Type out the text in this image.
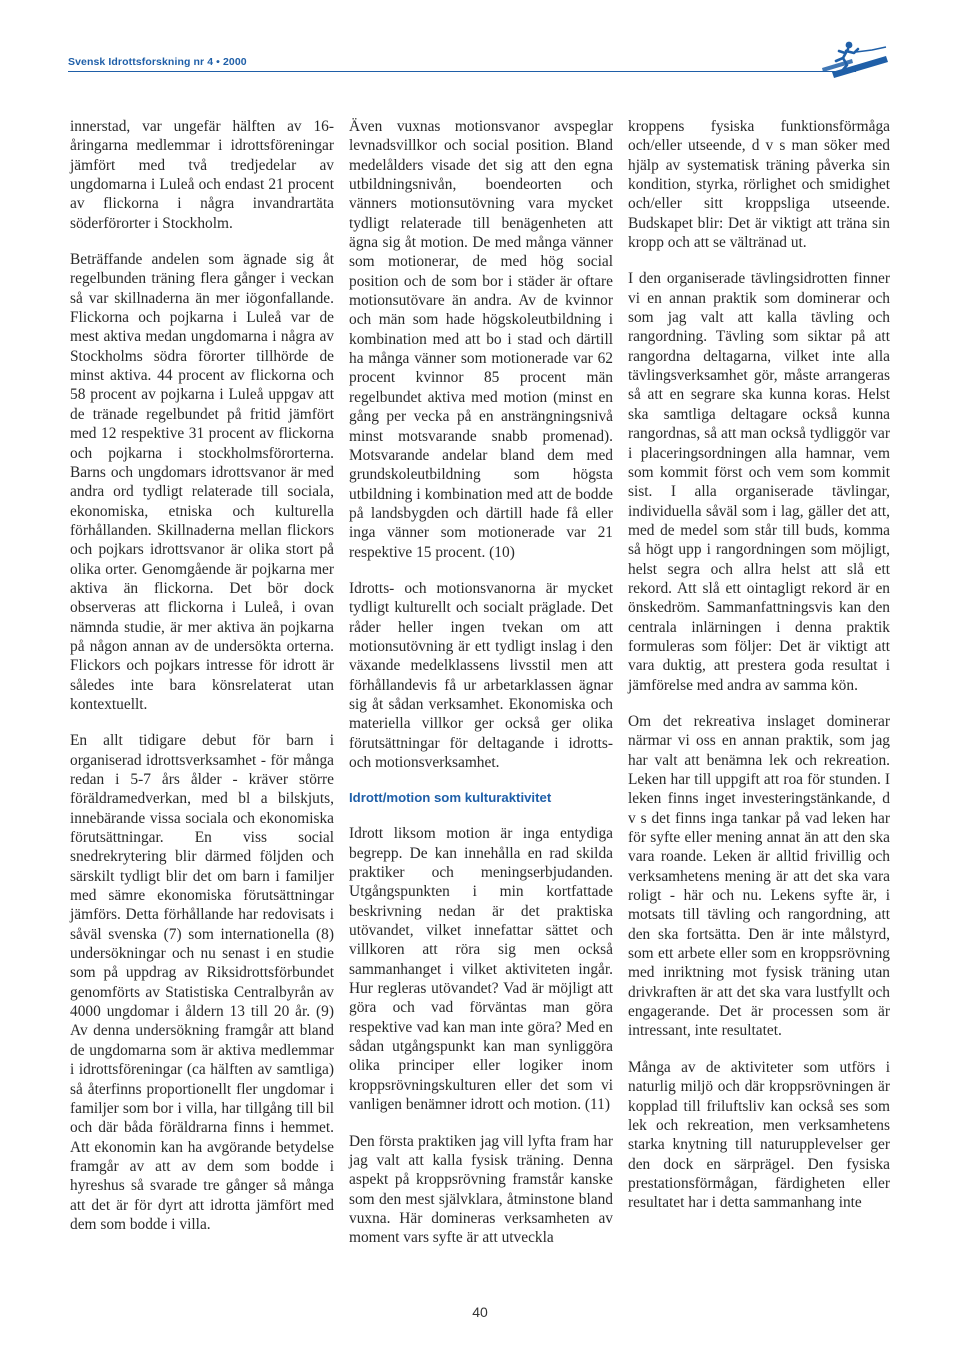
Svensk Idrottsforskning nr 4 • 2000

innerstad, var ungefär hälften av 16-åringarna medlemmar i idrottsföreningar jämfört med två tredjedelar av ungdomarna i Luleå och endast 21 procent av flickorna i några invandrartäta söderförorter i Stockholm.

Beträffande andelen som ägnade sig åt regelbunden träning flera gånger i veckan så var skillnaderna än mer iögonfallande. Flickorna och pojkarna i Luleå var de mest aktiva medan ungdomarna i några av Stockholms södra förorter tillhörde de minst aktiva. 44 procent av flickorna och 58 procent av pojkarna i Luleå uppgav att de tränade regelbundet på fritid jämfört med 12 respektive 31 procent av flickorna och pojkarna i stockholmsförorterna. Barns och ungdomars idrottsvanor är med andra ord tydligt relaterade till sociala, ekonomiska, etniska och kulturella förhållanden. Skillnaderna mellan flickors och pojkars idrottsvanor är olika stort på olika orter. Genomgående är pojkarna mer aktiva än flickorna. Det bör dock observeras att flickorna i Luleå, i ovan nämnda studie, är mer aktiva än pojkarna på någon annan av de undersökta orterna. Flickors och pojkars intresse för idrott är således inte bara könsrelaterat utan kontextuellt.

En allt tidigare debut för barn i organiserad idrottsverksamhet - för många redan i 5-7 års ålder - kräver större föräldramedverkan, med bl a bilskjuts, innebärande vissa sociala och ekonomiska förutsättningar. En viss social snedrekrytering blir därmed följden och särskilt tydligt blir det om barn i familjer med sämre ekonomiska förutsättningar jämförs. Detta förhållande har redovisats i såväl svenska (7) som internationella (8) undersökningar och nu senast i en studie som på uppdrag av Riksidrottsförbundet genomförts av Statistiska Centralbyrån av 4000 ungdomar i åldern 13 till 20 år. (9) Av denna undersökning framgår att bland de ungdomarna som är aktiva medlemmar i idrottsföreningar (ca hälften av samtliga) så återfinns proportionellt fler ungdomar i familjer som bor i villa, har tillgång till bil och där båda föräldrarna finns i hemmet. Att ekonomin kan ha avgörande betydelse framgår av att av dem som bodde i hyreshus så svarade tre gånger så många att det är för dyrt att idrotta jämfört med dem som bodde i villa.

Även vuxnas motionsvanor avspeglar levnadsvillkor och social position. Bland medelålders visade det sig att den egna utbildningsnivån, boendeorten och vänners motionsutövning vara mycket tydligt relaterade till benägenheten att ägna sig åt motion. De med många vänner som motionerar, de med hög social position och de som bor i städer är oftare motionsutövare än andra. Av de kvinnor och män som hade högskoleutbildning i kombination med att bo i stad och därtill ha många vänner som motionerade var 62 procent kvinnor 85 procent män regelbundet aktiva med motion (minst en gång per vecka på en ansträngningsnivå minst motsvarande snabb promenad). Motsvarande andelar bland dem med grundskoleutbildning som högsta utbildning i kombination med att de bodde på landsbygden och därtill hade få eller inga vänner som motionerade var 21 respektive 15 procent. (10)

Idrotts- och motionsvanorna är mycket tydligt kulturellt och socialt präglade. Det råder heller ingen tvekan om att motionsutövning är ett tydligt inslag i den växande medelklassens livsstil men att förhållandevis få ur arbetarklassen ägnar sig åt sådan verksamhet. Ekonomiska och materiella villkor ger också ger olika förutsättningar för deltagande i idrotts- och motionsverksamhet.

Idrott/motion som kulturaktivitet

Idrott liksom motion är inga entydiga begrepp. De kan innehålla en rad skilda praktiker och meningserbjudanden. Utgångspunkten i min kortfattade beskrivning nedan är det praktiska utövandet, vilket innefattar sättet och villkoren att röra sig men också sammanhanget i vilket aktiviteten ingår. Hur regleras utövandet? Vad är möjligt att göra och vad förväntas man göra respektive vad kan man inte göra? Med en sådan utgångspunkt kan man synliggöra olika principer eller logiker inom kroppsrövningskulturen eller det som vi vanligen benämner idrott och motion. (11)

Den första praktiken jag vill lyfta fram har jag valt att kalla fysisk träning. Denna aspekt på kroppsrövning framstår kanske som den mest självklara, åtminstone bland vuxna. Här domineras verksamheten av moment vars syfte är att utveckla

kroppens fysiska funktionsförmåga och/eller utseende, d v s man söker med hjälp av systematisk träning påverka sin kondition, styrka, rörlighet och smidighet och/eller sitt kroppsliga utseende. Budskapet blir: Det är viktigt att träna sin kropp och att se vältränad ut.

I den organiserade tävlingsidrotten finner vi en annan praktik som dominerar och som jag valt att kalla tävling och rangordning. Tävling som siktar på att rangordna deltagarna, vilket inte alla tävlingsverksamhet gör, måste arrangeras så att en segrare ska kunna koras. Helst ska samtliga deltagare också kunna rangordnas, så att man också tydliggör var i placeringsordningen alla hamnar, vem som kommit först och vem som kommit sist. I alla organiserade tävlingar, individuella såväl som i lag, gäller det att, med de medel som står till buds, komma så högt upp i rangordningen som möjligt, helst segra och allra helst att slå ett rekord. Att slå ett ointagligt rekord är en önskedröm. Sammanfattningsvis kan den centrala inlärningen i denna praktik formuleras som följer: Det är viktigt att vara duktig, att prestera goda resultat i jämförelse med andra av samma kön.

Om det rekreativa inslaget dominerar närmar vi oss en annan praktik, som jag har valt att benämna lek och rekreation. Leken har till uppgift att roa för stunden. I leken finns inget investeringstänkande, d v s det finns inga tankar på vad leken har för syfte eller mening annat än att den ska vara roande. Leken är alltid frivillig och verksamhetens mening är att det ska vara roligt - här och nu. Lekens syfte är, i motsats till tävling och rangordning, att den ska fortsätta. Den är inte målstyrd, som ett arbete eller som en kroppsrövning med inriktning mot fysisk träning utan drivkraften är att det ska vara lustfyllt och engagerande. Det är processen som är intressant, inte resultatet.

Många av de aktiviteter som utförs i naturlig miljö och där kroppsrövningen är kopplad till friluftsliv kan också ses som lek och rekreation, men verksamhetens starka knytning till naturupplevelser ger den dock en särprägel. Den fysiska prestationsförmågan, färdigheten eller resultatet har i detta sammanhang inte

40
